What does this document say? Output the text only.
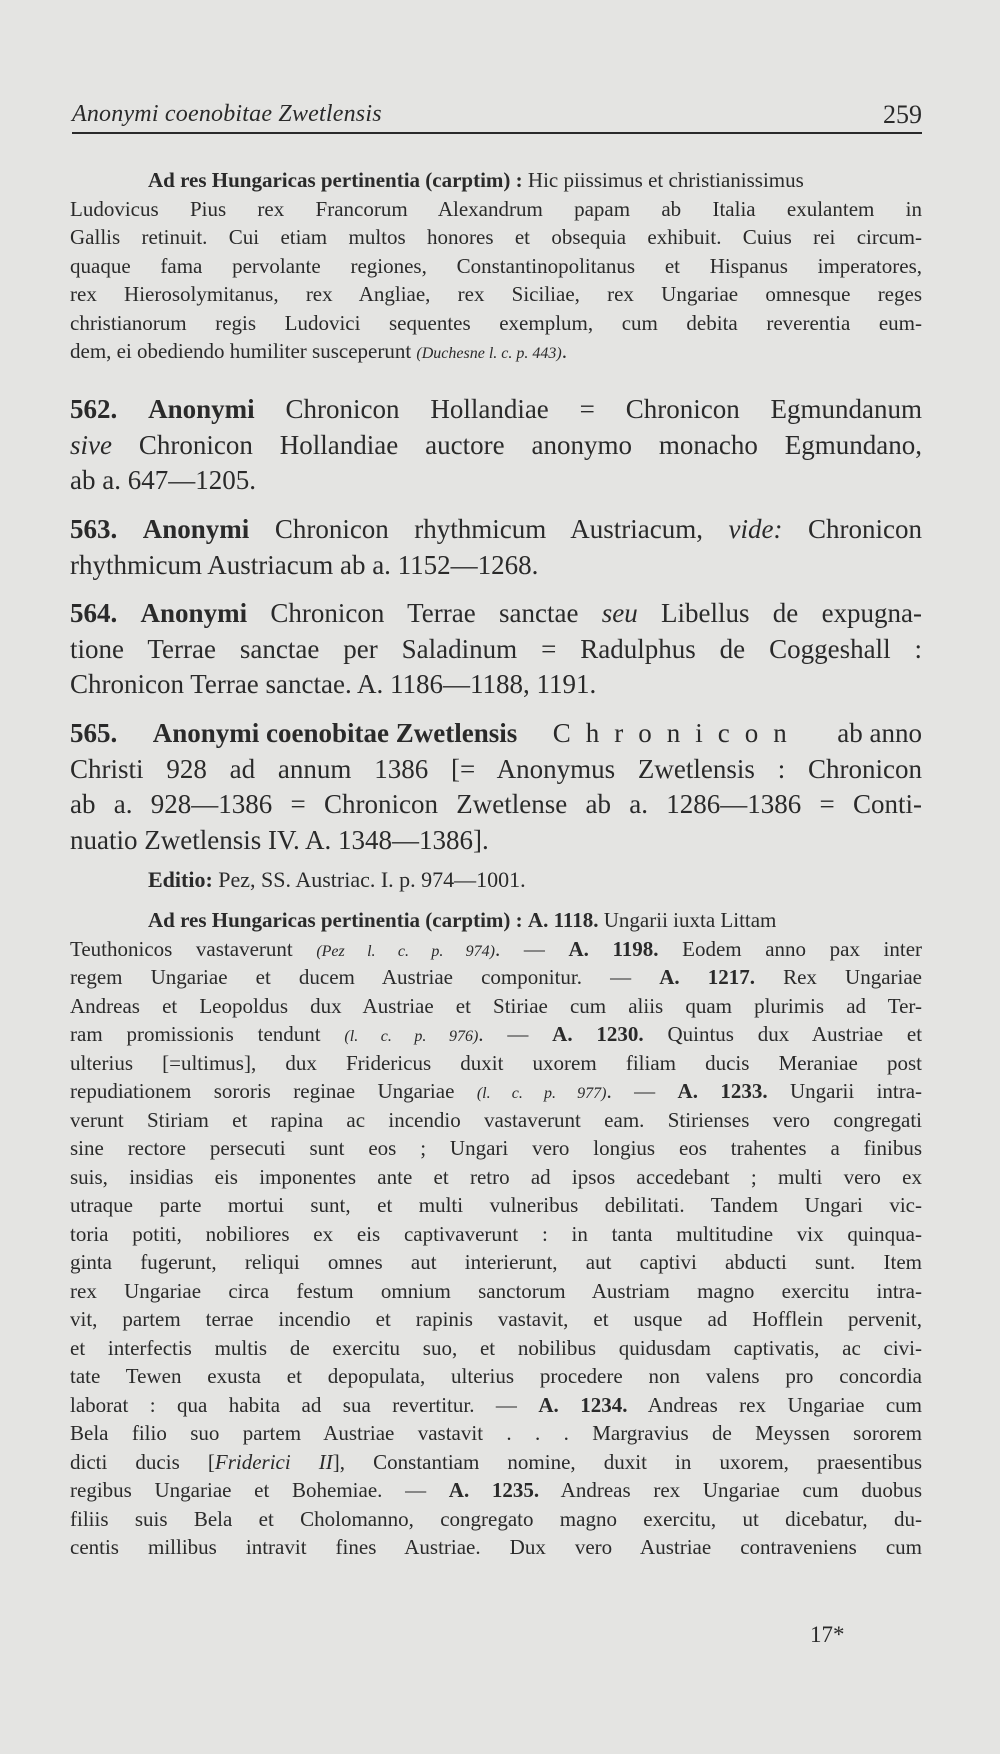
Anonymi coenobitae Zwetlensis	259
Ad res Hungaricas pertinentia (carptim) : Hic piissimus et christianissimus
Ludovicus Pius rex Francorum Alexandrum papam ab Italia exulantem in
Gallis retinuit. Cui etiam multos honores et obsequia exhibuit. Cuius rei circum-
quaque fama pervolante regiones, Constantinopolitanus et Hispanus imperatores,
rex Hierosolymitanus, rex Angliae, rex Siciliae, rex Ungariae omnesque reges
christianorum regis Ludovici sequentes exemplum, cum debita reverentia eum-
dem, ei obediendo humiliter susceperunt (Duchesne l. c. p. 443).
562. Anonymi Chronicon Hollandiae = Chronicon Egmundanum
sive Chronicon Hollandiae auctore anonymo monacho Egmundano,
ab a. 647—1205.
563. Anonymi Chronicon rhythmicum Austriacum, vide: Chronicon
rhythmicum Austriacum ab a. 1152—1268.
564. Anonymi Chronicon Terrae sanctae seu Libellus de expugna-
tione Terrae sanctae per Saladinum = Radulphus de Coggeshall :
Chronicon Terrae sanctae. A. 1186—1188, 1191.
565. Anonymi coenobitae Zwetlensis Chronicon ab anno
Christi 928 ad annum 1386 [= Anonymus Zwetlensis : Chronicon
ab a. 928—1386 = Chronicon Zwetlense ab a. 1286—1386 = Conti-
nuatio Zwetlensis IV. A. 1348—1386].
Editio: Pez, SS. Austriac. I. p. 974—1001.
Ad res Hungaricas pertinentia (carptim) : A. 1118. Ungarii iuxta Littam
Teuthonicos vastaverunt (Pez l. c. p. 974). — A. 1198. Eodem anno pax inter
regem Ungariae et ducem Austriae componitur. — A. 1217. Rex Ungariae
Andreas et Leopoldus dux Austriae et Stiriae cum aliis quam plurimis ad Ter-
ram promissionis tendunt (l. c. p. 976). — A. 1230. Quintus dux Austriae et
ulterius [=ultimus], dux Fridericus duxit uxorem filiam ducis Meraniae post
repudiationem sororis reginae Ungariae (l. c. p. 977). — A. 1233. Ungarii intra-
verunt Stiriam et rapina ac incendio vastaverunt eam. Stirienses vero congregati
sine rectore persecuti sunt eos ; Ungari vero longius eos trahentes a finibus
suis, insidias eis imponentes ante et retro ad ipsos accedebant ; multi vero ex
utraque parte mortui sunt, et multi vulneribus debilitati. Tandem Ungari vic-
toria potiti, nobiliores ex eis captivaverunt : in tanta multitudine vix quinqua-
ginta fugerunt, reliqui omnes aut interierunt, aut captivi abducti sunt. Item
rex Ungariae circa festum omnium sanctorum Austriam magno exercitu intra-
vit, partem terrae incendio et rapinis vastavit, et usque ad Hofflein pervenit,
et interfectis multis de exercitu suo, et nobilibus quidusdam captivatis, ac civi-
tate Tewen exusta et depopulata, ulterius procedere non valens pro concordia
laborat : qua habita ad sua revertitur. — A. 1234. Andreas rex Ungariae cum
Bela filio suo partem Austriae vastavit . . . Margravius de Meyssen sororem
dicti ducis [Friderici II], Constantiam nomine, duxit in uxorem, praesentibus
regibus Ungariae et Bohemiae. — A. 1235. Andreas rex Ungariae cum duobus
filiis suis Bela et Cholomanno, congregato magno exercitu, ut dicebatur, du-
centis millibus intravit fines Austriae. Dux vero Austriae contraveniens cum
17*
